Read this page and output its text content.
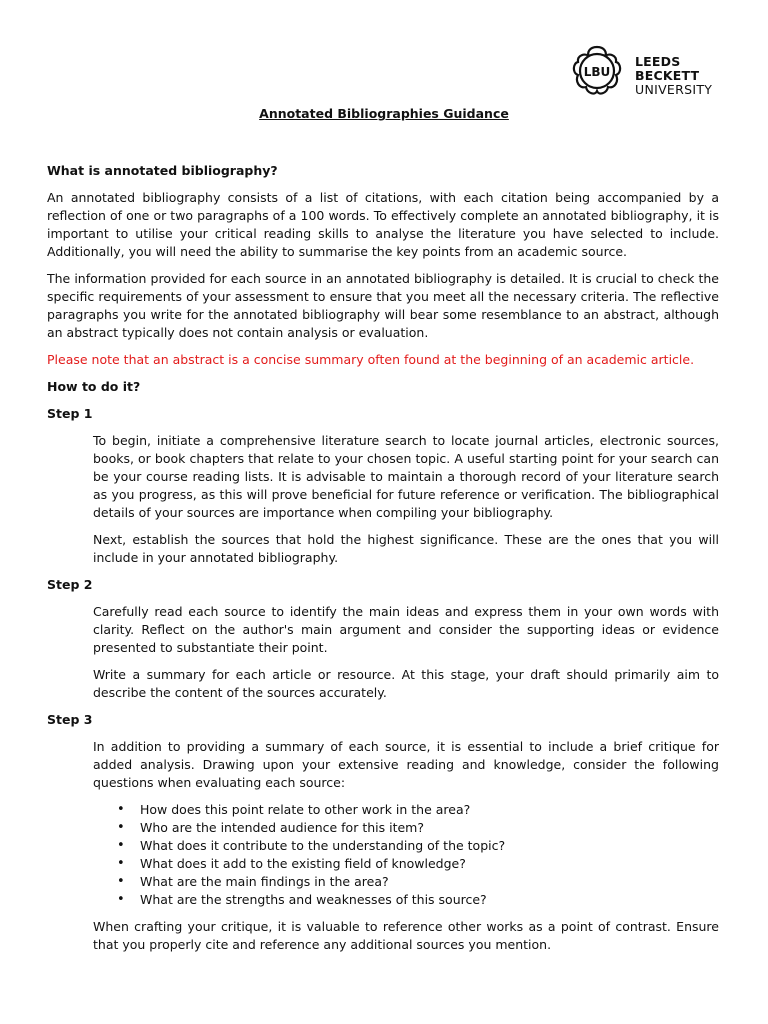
LBU
LEEDS
BECKETT
UNIVERSITY
Annotated Bibliographies Guidance
What is annotated bibliography?

An annotated bibliography consists of a list of citations, with each citation being accompanied by a reflection of one or two paragraphs of a 100 words. To effectively complete an annotated bibliography, it is important to utilise your critical reading skills to analyse the literature you have selected to include. Additionally, you will need the ability to summarise the key points from an academic source.

The information provided for each source in an annotated bibliography is detailed. It is crucial to check the specific requirements of your assessment to ensure that you meet all the necessary criteria. The reflective paragraphs you write for the annotated bibliography will bear some resemblance to an abstract, although an abstract typically does not contain analysis or evaluation.

Please note that an abstract is a concise summary often found at the beginning of an academic article.

How to do it?
Step 1

To begin, initiate a comprehensive literature search to locate journal articles, electronic sources, books, or book chapters that relate to your chosen topic. A useful starting point for your search can be your course reading lists. It is advisable to maintain a thorough record of your literature search as you progress, as this will prove beneficial for future reference or verification. The bibliographical details of your sources are importance when compiling your bibliography.

Next, establish the sources that hold the highest significance. These are the ones that you will include in your annotated bibliography.

Step 2

Carefully read each source to identify the main ideas and express them in your own words with clarity. Reflect on the author's main argument and consider the supporting ideas or evidence presented to substantiate their point.

Write a summary for each article or resource. At this stage, your draft should primarily aim to describe the content of the sources accurately.

Step 3

In addition to providing a summary of each source, it is essential to include a brief critique for added analysis. Drawing upon your extensive reading and knowledge, consider the following questions when evaluating each source:

• How does this point relate to other work in the area?
• Who are the intended audience for this item?
• What does it contribute to the understanding of the topic?
• What does it add to the existing field of knowledge?
• What are the main findings in the area?
• What are the strengths and weaknesses of this source?

When crafting your critique, it is valuable to reference other works as a point of contrast. Ensure that you properly cite and reference any additional sources you mention.
